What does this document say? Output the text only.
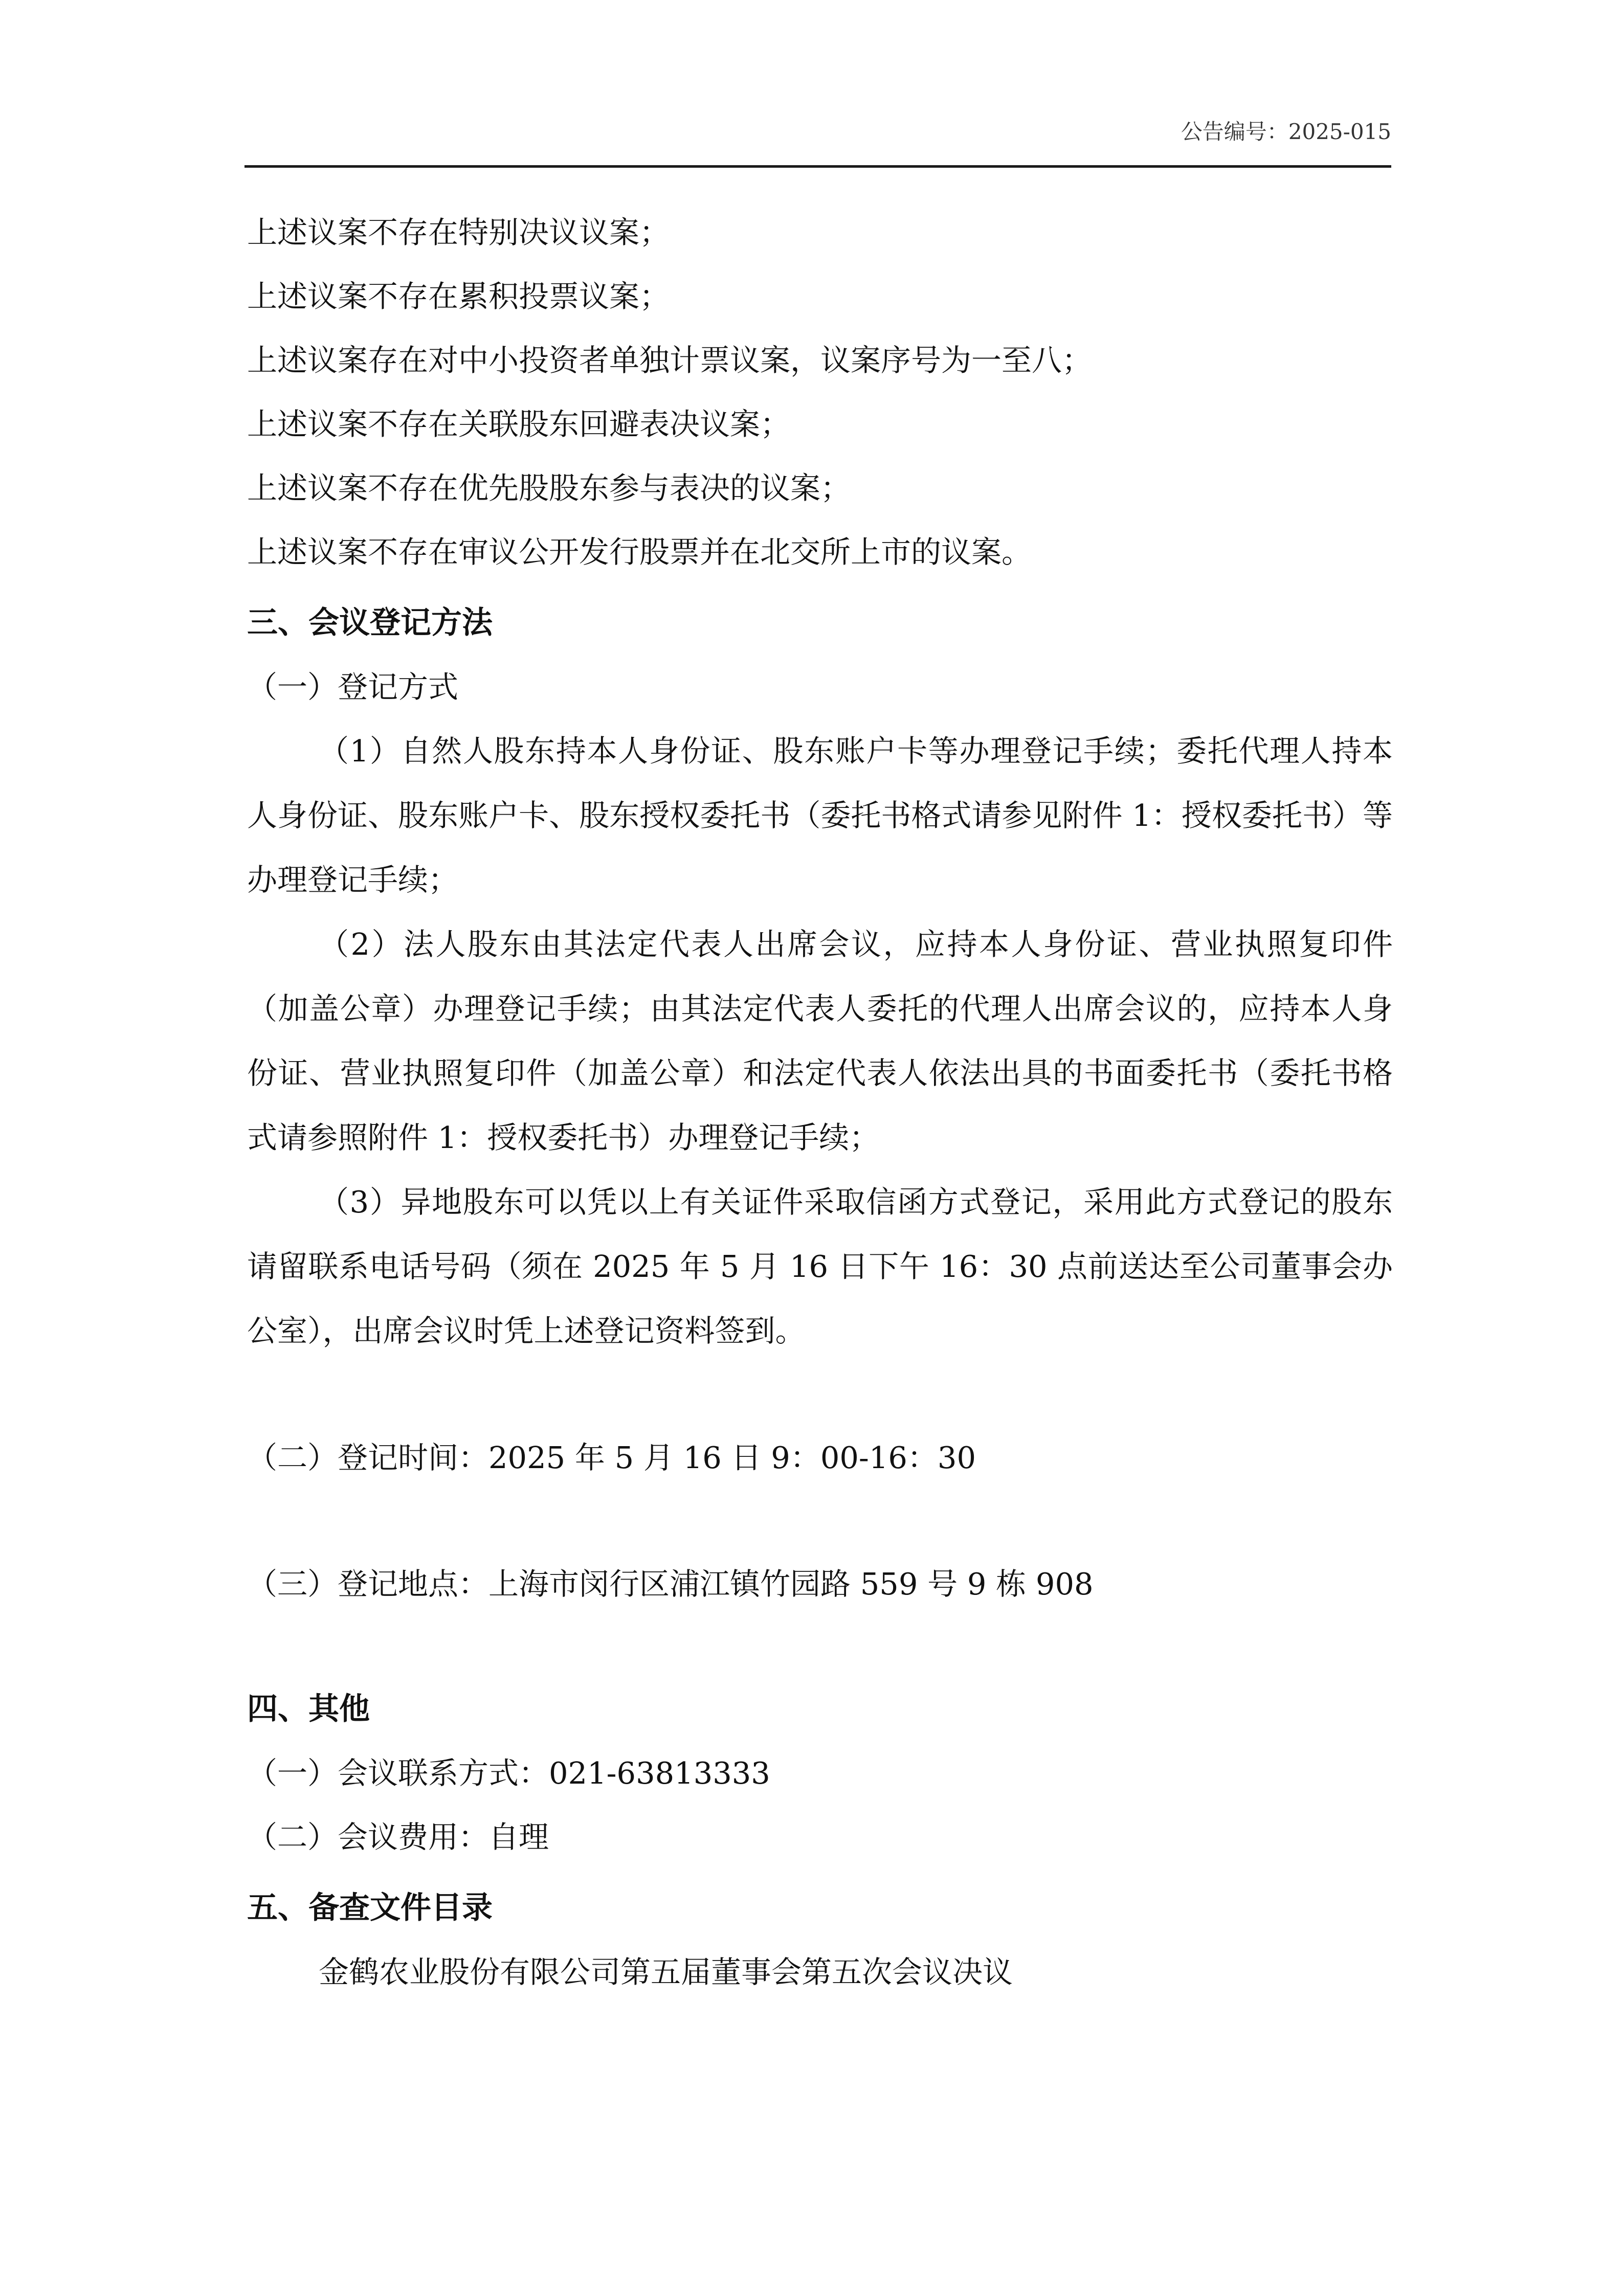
公告编号：2025-015

上述议案不存在特别决议议案；

上述议案不存在累积投票议案；

上述议案存在对中小投资者单独计票议案，议案序号为一至八；

上述议案不存在关联股东回避表决议案；

上述议案不存在优先股股东参与表决的议案；

上述议案不存在审议公开发行股票并在北交所上市的议案。

三、会议登记方法

（一）登记方式

（1）自然人股东持本人身份证、股东账户卡等办理登记手续；委托代理人持本人身份证、股东账户卡、股东授权委托书（委托书格式请参见附件 1：授权委托书）等办理登记手续；

（2）法人股东由其法定代表人出席会议，应持本人身份证、营业执照复印件（加盖公章）办理登记手续；由其法定代表人委托的代理人出席会议的，应持本人身份证、营业执照复印件（加盖公章）和法定代表人依法出具的书面委托书（委托书格式请参照附件 1：授权委托书）办理登记手续；

（3）异地股东可以凭以上有关证件采取信函方式登记，采用此方式登记的股东请留联系电话号码（须在 2025 年 5 月 16 日下午 16：30 点前送达至公司董事会办公室），出席会议时凭上述登记资料签到。

（二）登记时间：2025 年 5 月 16 日 9：00-16：30

（三）登记地点：上海市闵行区浦江镇竹园路 559 号 9 栋 908

四、其他

（一）会议联系方式：021-63813333

（二）会议费用：自理

五、备查文件目录

金鹤农业股份有限公司第五届董事会第五次会议决议
